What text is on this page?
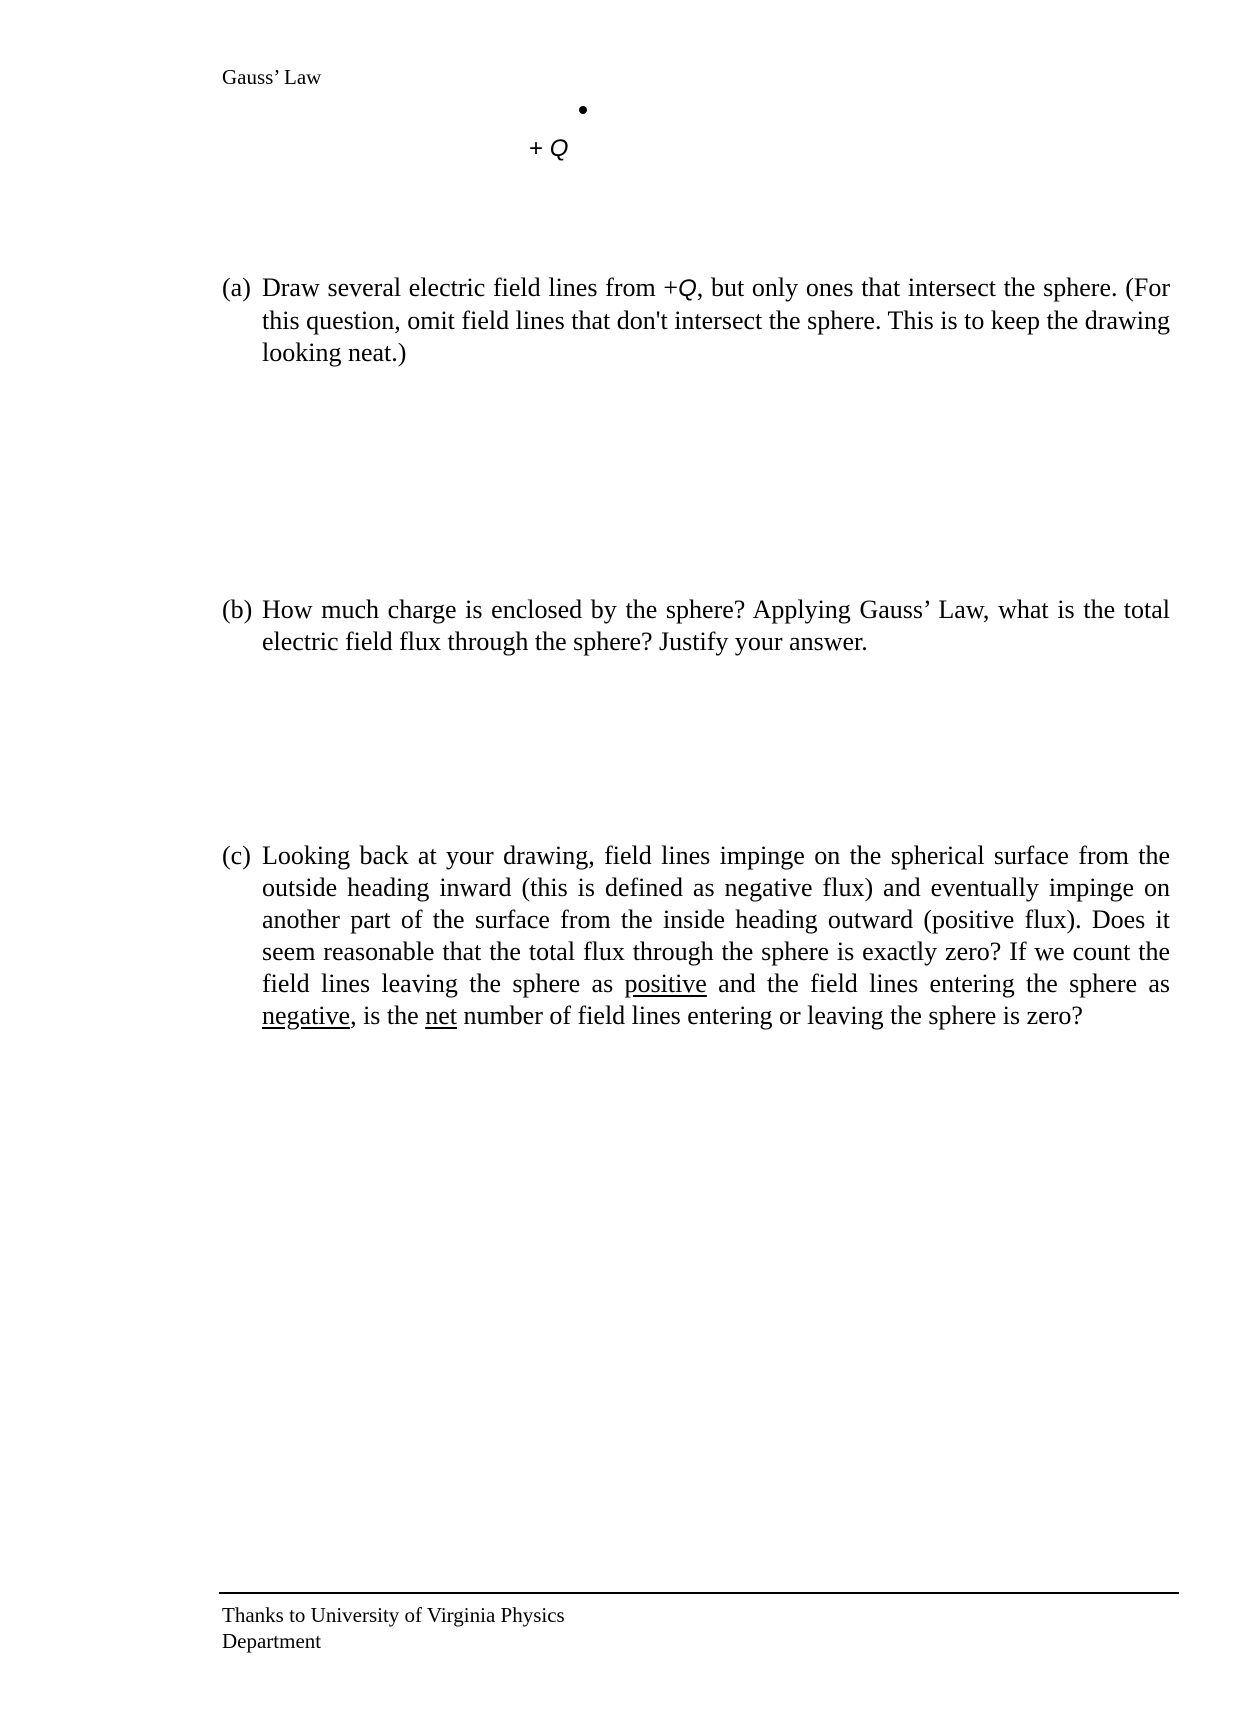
Gauss’ Law
+ Q
(a) Draw several electric field lines from +Q, but only ones that intersect the sphere. (For this question, omit field lines that don't intersect the sphere. This is to keep the drawing looking neat.)
(b) How much charge is enclosed by the sphere? Applying Gauss’ Law, what is the total electric field flux through the sphere? Justify your answer.
(c) Looking back at your drawing, field lines impinge on the spherical surface from the outside heading inward (this is defined as negative flux) and eventually impinge on another part of the surface from the inside heading outward (positive flux). Does it seem reasonable that the total flux through the sphere is exactly zero? If we count the field lines leaving the sphere as positive and the field lines entering the sphere as negative, is the net number of field lines entering or leaving the sphere is zero?
Thanks to University of Virginia Physics Department
